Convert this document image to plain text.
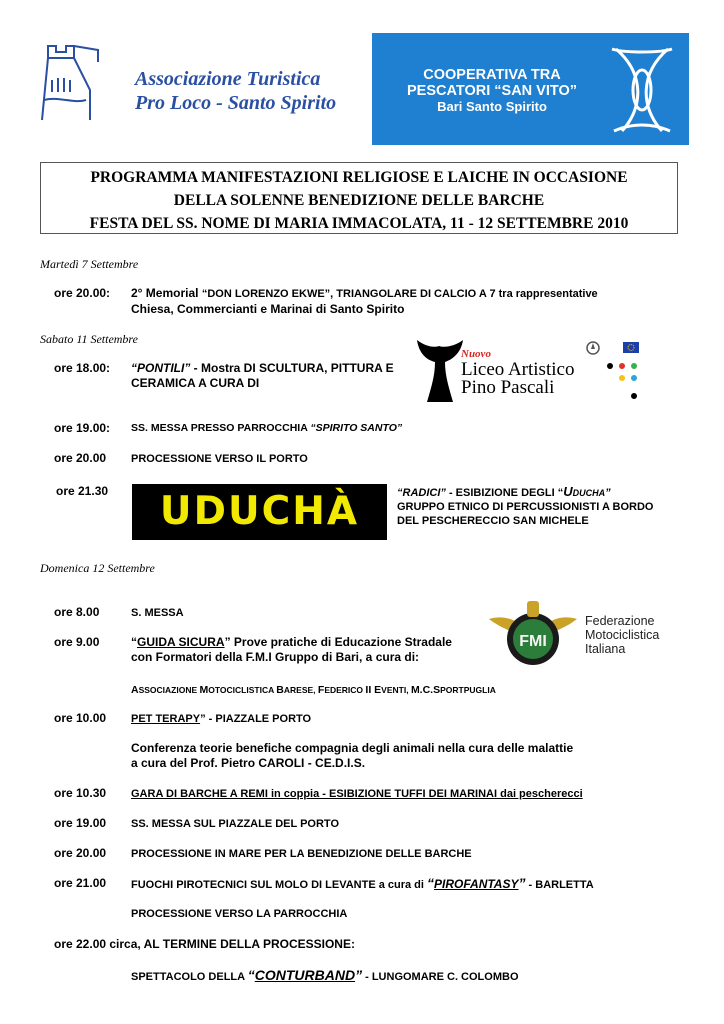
Associazione Turistica
Pro Loco - Santo Spirito
COOPERATIVA TRA
PESCATORI “SAN VITO”
Bari Santo Spirito
PROGRAMMA MANIFESTAZIONI RELIGIOSE E LAICHE IN OCCASIONE
DELLA SOLENNE BENEDIZIONE DELLE BARCHE
FESTA DEL SS. NOME DI MARIA IMMACOLATA, 11 - 12 SETTEMBRE 2010
Martedì 7 Settembre
ore 20.00: 2° Memorial “DON LORENZO EKWE”, TRIANGOLARE DI CALCIO A 7 tra rappresentative
Chiesa, Commercianti e Marinai di Santo Spirito
Sabato 11 Settembre
ore 18.00: “PONTILI” - Mostra DI SCULTURA, PITTURA E
CERAMICA A CURA DI
Nuovo
Liceo Artistico
Pino Pascali
ore 19.00: SS. MESSA PRESSO PARROCCHIA “SPIRITO SANTO”
ore 20.00 PROCESSIONE VERSO IL PORTO
ore 21.30	UDUCHÀ	“RADICI” - ESIBIZIONE DEGLI “UDUCHA”
GRUPPO ETNICO DI PERCUSSIONISTI A BORDO
DEL PESCHERECCIO SAN MICHELE
Domenica 12 Settembre
FMI
Federazione
Motociclistica
Italiana
ore 8.00	S. MESSA
ore 9.00	“GUIDA SICURA” Prove pratiche di Educazione Stradale
con Formatori della F.M.I Gruppo di Bari, a cura di:
ASSOCIAZIONE MOTOCICLISTICA BARESE, FEDERICO II EVENTI, M.C.SPORTPUGLIA
ore 10.00 PET TERAPY” - PIAZZALE PORTO
Conferenza teorie benefiche compagnia degli animali nella cura delle malattie
a cura del Prof. Pietro CAROLI - CE.D.I.S.
ore 10.30 GARA DI BARCHE A REMI in coppia - ESIBIZIONE TUFFI DEI MARINAI dai pescherecci
ore 19.00 SS. MESSA SUL PIAZZALE DEL PORTO
ore 20.00 PROCESSIONE IN MARE PER LA BENEDIZIONE DELLE BARCHE
ore 21.00 FUOCHI PIROTECNICI SUL MOLO DI LEVANTE a cura di “PIROFANTASY” - BARLETTA
PROCESSIONE VERSO LA PARROCCHIA
ore 22.00 circa, AL TERMINE DELLA PROCESSIONE:
SPETTACOLO DELLA “CONTURBAND” - LUNGOMARE C. COLOMBO
